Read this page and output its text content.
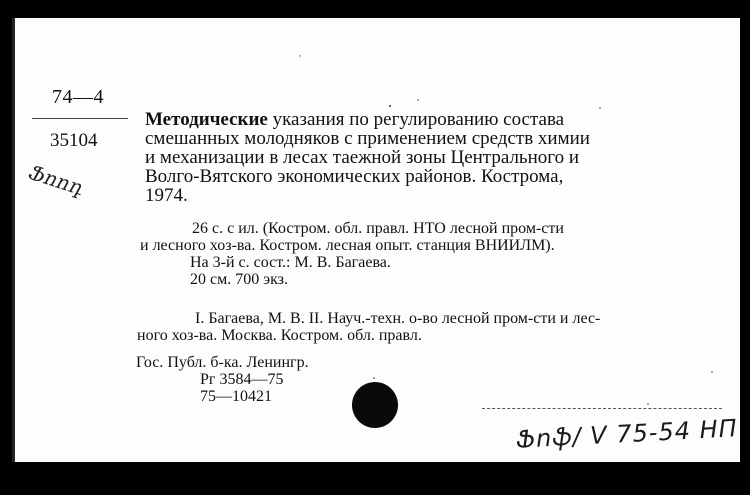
74—4
35104
Ֆոոդ

Методические указания по регулированию состава
смешанных молодняков с применением средств химии
и механизации в лесах таежной зоны Центрального и
Волго-Вятского экономических районов. Кострома,
1974.

26 с. с ил. (Костром. обл. правл. НТО лесной пром-сти
и лесного хоз-ва. Костром. лесная опыт. станция ВНИИЛМ).
На 3-й с. сост.: М. В. Багаева.
20 см. 700 экз.

I. Багаева, М. В. II. Науч.-техн. о-во лесной пром-сти и лес-
ного хоз-ва. Москва. Костром. обл. правл.

Гос. Публ. б-ка. Ленингр.
Рг 3584—75
75—10421
Ֆոֆ/ V 75-54 НП
